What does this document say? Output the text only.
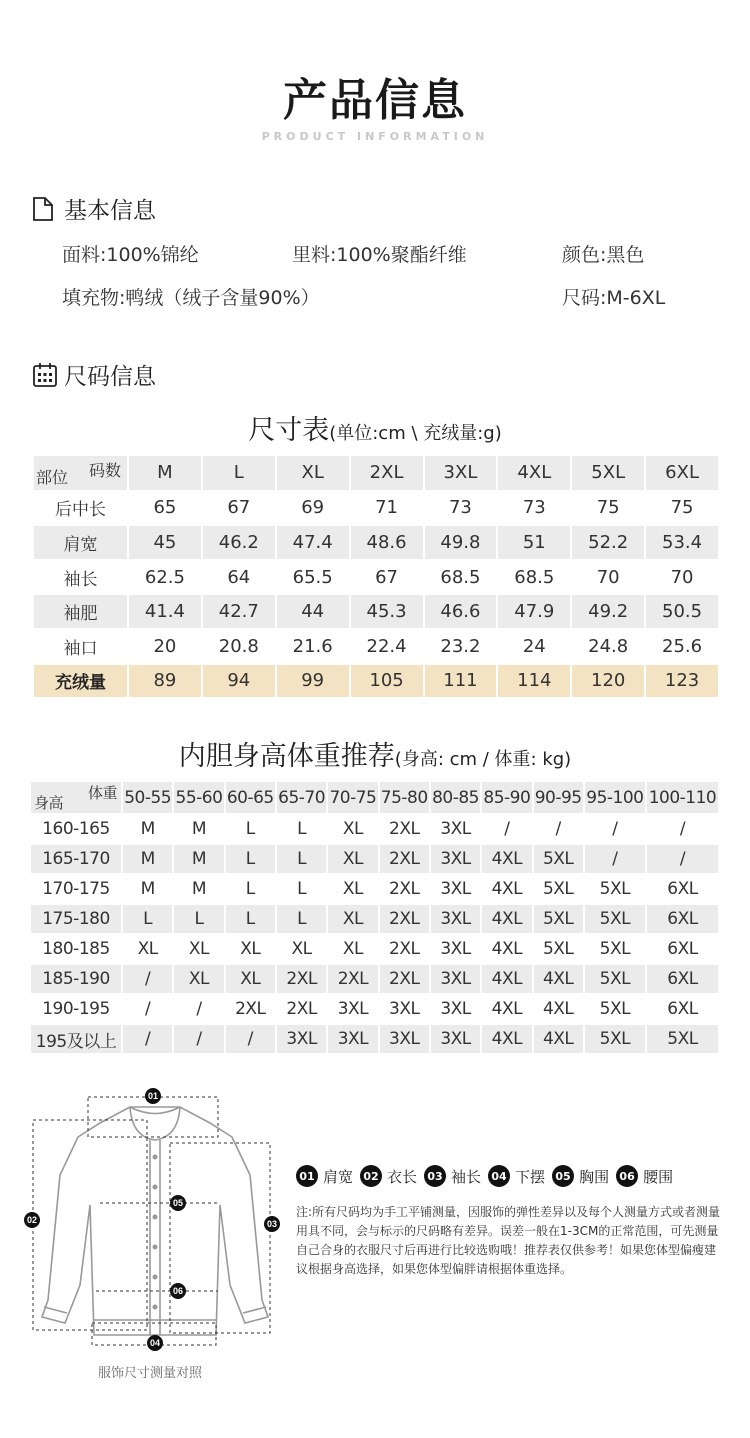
产品信息
PRODUCT INFORMATION
基本信息
面料:100%锦纶	里料:100%聚酯纤维	颜色:黑色
填充物:鸭绒（绒子含量90%）	尺码:M-6XL
尺码信息
尺寸表(单位:cm \ 充绒量:g)
码数
部位	M	L	XL	2XL	3XL	4XL	5XL	6XL
后中长	65	67	69	71	73	73	75	75
肩宽	45	46.2	47.4	48.6	49.8	51	52.2	53.4
袖长	62.5	64	65.5	67	68.5	68.5	70	70
袖肥	41.4	42.7	44	45.3	46.6	47.9	49.2	50.5
袖口	20	20.8	21.6	22.4	23.2	24	24.8	25.6
充绒量	89	94	99	105	111	114	120	123
内胆身高体重推荐(身高: cm / 体重: kg)
体重
身高	50-55	55-60	60-65	65-70	70-75	75-80	80-85	85-90	90-95	95-100	100-110
160-165	M	M	L	L	XL	2XL	3XL	/	/	/	/
165-170	M	M	L	L	XL	2XL	3XL	4XL	5XL	/	/
170-175	M	M	L	L	XL	2XL	3XL	4XL	5XL	5XL	6XL
175-180	L	L	L	L	XL	2XL	3XL	4XL	5XL	5XL	6XL
180-185	XL	XL	XL	XL	XL	2XL	3XL	4XL	5XL	5XL	6XL
185-190	/	XL	XL	2XL	2XL	2XL	3XL	4XL	4XL	5XL	6XL
190-195	/	/	2XL	2XL	3XL	3XL	3XL	4XL	4XL	5XL	6XL
195及以上	/	/	/	3XL	3XL	3XL	3XL	4XL	4XL	5XL	5XL
01
02	03
04
05
06
服饰尺寸测量对照
01 肩宽 02 衣长 03 袖长 04 下摆 05 胸围 06 腰围
注:所有尺码均为手工平铺测量，因服饰的弹性差异以及每个人测量方式或者测量用具不同，会与标示的尺码略有差异。误差一般在1-3CM的正常范围，可先测量自己合身的衣服尺寸后再进行比较选购哦！推荐表仅供参考！如果您体型偏瘦建议根据身高选择，如果您体型偏胖请根据体重选择。
